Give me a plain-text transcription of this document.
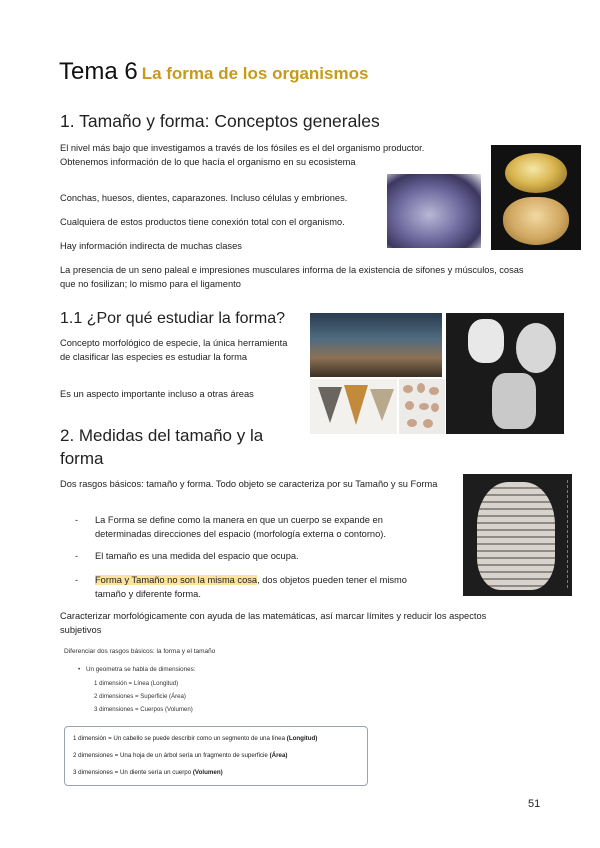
Tema 6 La forma de los organismos
1. Tamaño y forma: Conceptos generales
El nivel más bajo que investigamos a través de los fósiles es el del organismo productor. Obtenemos información de lo que hacía el organismo en su ecosistema
Conchas, huesos, dientes, caparazones. Incluso células y embriones.
Cualquiera de estos productos tiene conexión total con el organismo.
Hay información indirecta de muchas clases
La presencia de un seno paleal e impresiones musculares informa de la existencia de sifones y músculos, cosas que no fosilizan; lo mismo para el ligamento
1.1 ¿Por qué estudiar la forma?
Concepto morfológico de especie, la única herramienta de clasificar las especies es estudiar la forma
Es un aspecto importante incluso a otras áreas
2. Medidas del tamaño y la
forma
Dos rasgos básicos: tamaño y forma. Todo objeto se caracteriza por su Tamaño y su Forma
- La Forma se define como la manera en que un cuerpo se expande en determinadas direcciones del espacio (morfología externa o contorno).
- El tamaño es una medida del espacio que ocupa.
- Forma y Tamaño no son la misma cosa, dos objetos pueden tener el mismo tamaño y diferente forma.
Caracterizar morfológicamente con ayuda de las matemáticas, así marcar límites y reducir los aspectos subjetivos
Diferenciar dos rasgos básicos: la forma y el tamaño
• Un geometra se habla de dimensiones:
1 dimensión = Línea (Longitud)
2 dimensiones = Superficie (Área)
3 dimensiones = Cuerpos (Volumen)
1 dimensión = Un cabello se puede describir como un segmento de una línea (Longitud)
2 dimensiones = Una hoja de un árbol sería un fragmento de superficie (Área)
3 dimensiones = Un diente sería un cuerpo (Volumen)
51
